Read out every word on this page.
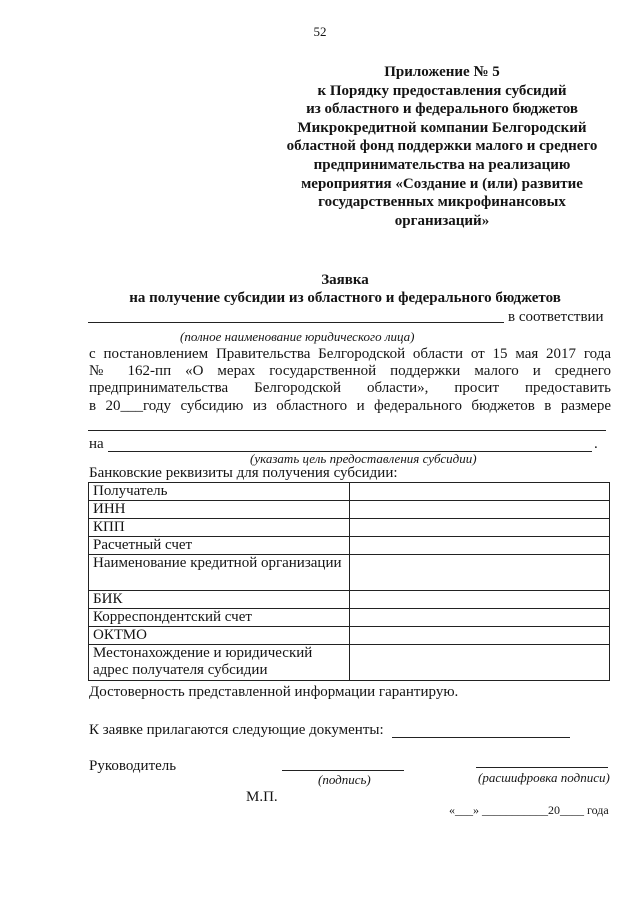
52
Приложение № 5
к Порядку предоставления субсидий
из областного и федерального бюджетов
Микрокредитной компании Белгородский
областной фонд поддержки малого и среднего
предпринимательства на реализацию
мероприятия «Создание и (или) развитие
государственных микрофинансовых
организаций»
Заявка
на получение субсидии из областного и федерального бюджетов
в соответствии
(полное наименование юридического лица)
с постановлением Правительства Белгородской области от 15 мая 2017 года
№ 162-пп «О мерах государственной поддержки малого и среднего
предпринимательства Белгородской области», просит предоставить
в 20___году субсидию из областного и федерального бюджетов в размере
на	.
(указать цель предоставления субсидии)
Банковские реквизиты для получения субсидии:
Получатель	
ИНН	
КПП	
Расчетный счет	
Наименование кредитной организации	
БИК	
Корреспондентский счет	
ОКТМО	
Местонахождение и юридический адрес получателя субсидии	
Достоверность представленной информации гарантирую.
К заявке прилагаются следующие документы:
Руководитель
(подпись)	(расшифровка подписи)
М.П.
«___» ___________20____ года
